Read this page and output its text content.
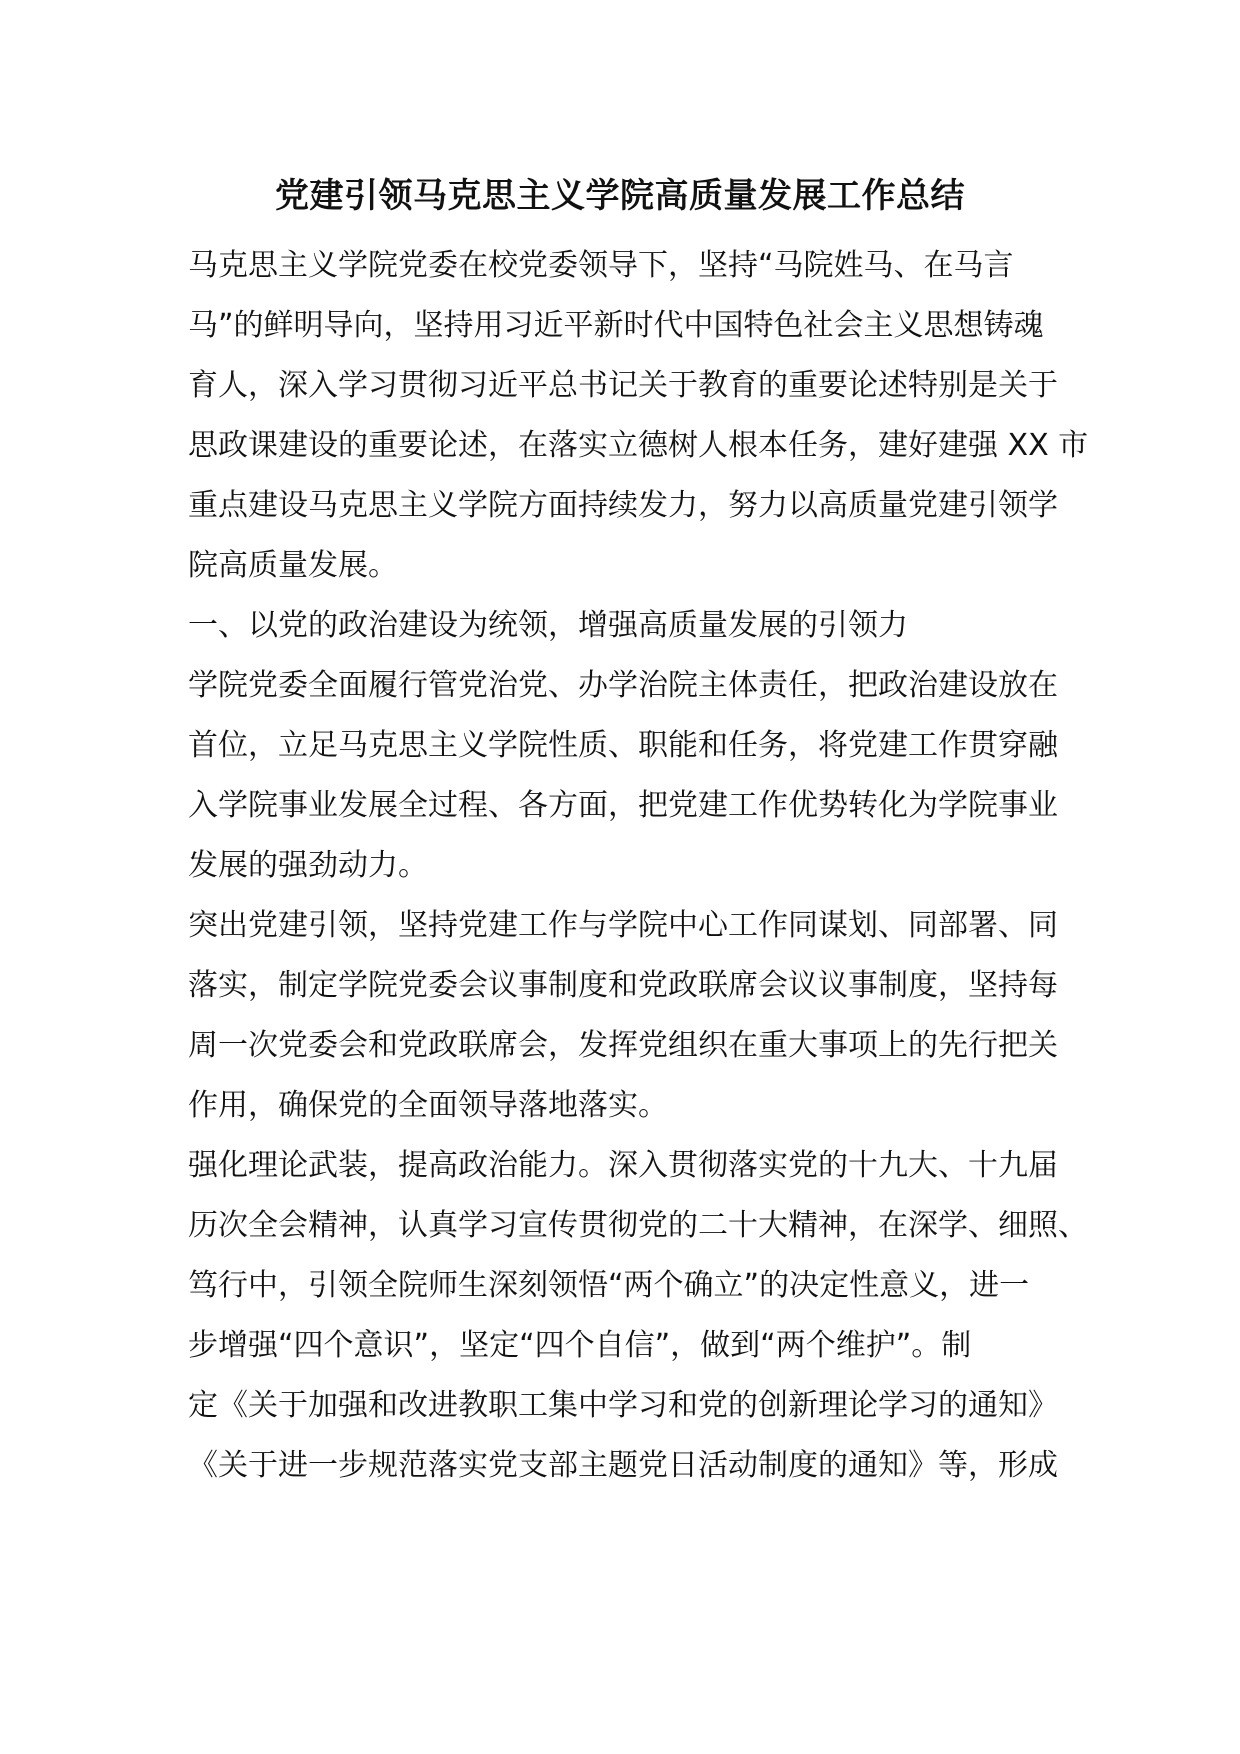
党建引领马克思主义学院高质量发展工作总结
马克思主义学院党委在校党委领导下，坚持“马院姓马、在马言
马”的鲜明导向，坚持用习近平新时代中国特色社会主义思想铸魂
育人，深入学习贯彻习近平总书记关于教育的重要论述特别是关于
思政课建设的重要论述，在落实立德树人根本任务，建好建强 XX 市
重点建设马克思主义学院方面持续发力，努力以高质量党建引领学
院高质量发展。
一、以党的政治建设为统领，增强高质量发展的引领力
学院党委全面履行管党治党、办学治院主体责任，把政治建设放在
首位，立足马克思主义学院性质、职能和任务，将党建工作贯穿融
入学院事业发展全过程、各方面，把党建工作优势转化为学院事业
发展的强劲动力。
突出党建引领，坚持党建工作与学院中心工作同谋划、同部署、同
落实，制定学院党委会议事制度和党政联席会议议事制度，坚持每
周一次党委会和党政联席会，发挥党组织在重大事项上的先行把关
作用，确保党的全面领导落地落实。
强化理论武装，提高政治能力。深入贯彻落实党的十九大、十九届
历次全会精神，认真学习宣传贯彻党的二十大精神，在深学、细照、
笃行中，引领全院师生深刻领悟“两个确立”的决定性意义，进一
步增强“四个意识”，坚定“四个自信”，做到“两个维护”。制
定《关于加强和改进教职工集中学习和党的创新理论学习的通知》
《关于进一步规范落实党支部主题党日活动制度的通知》等，形成
